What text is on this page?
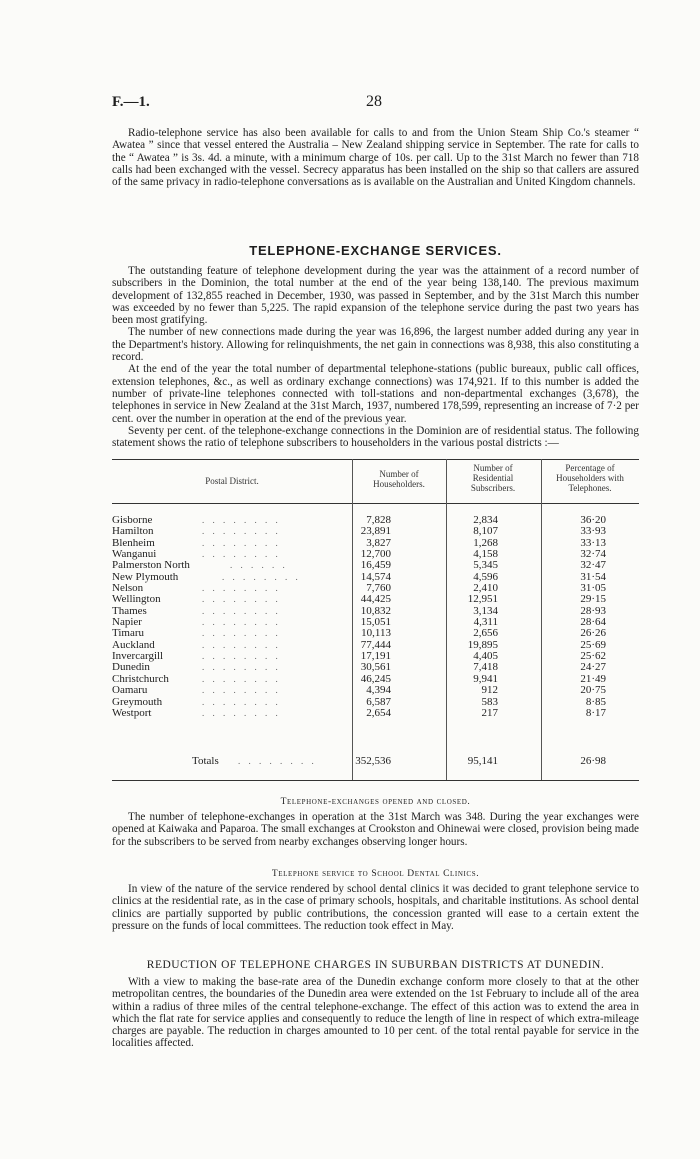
F.—1.	28

Radio-telephone service has also been available for calls to and from the Union Steam Ship Co.'s steamer “ Awatea ” since that vessel entered the Australia – New Zealand shipping service in September. The rate for calls to the “ Awatea ” is 3s. 4d. a minute, with a minimum charge of 10s. per call. Up to the 31st March no fewer than 718 calls had been exchanged with the vessel. Secrecy apparatus has been installed on the ship so that callers are assured of the same privacy in radio-telephone conversations as is available on the Australian and United Kingdom channels.

TELEPHONE-EXCHANGE SERVICES.

The outstanding feature of telephone development during the year was the attainment of a record number of subscribers in the Dominion, the total number at the end of the year being 138,140. The previous maximum development of 132,855 reached in December, 1930, was passed in September, and by the 31st March this number was exceeded by no fewer than 5,225. The rapid expansion of the telephone service during the past two years has been most gratifying.

The number of new connections made during the year was 16,896, the largest number added during any year in the Department's history. Allowing for relinquishments, the net gain in connections was 8,938, this also constituting a record.

At the end of the year the total number of departmental telephone-stations (public bureaux, public call offices, extension telephones, &c., as well as ordinary exchange connections) was 174,921. If to this number is added the number of private-line telephones connected with toll-stations and non-departmental exchanges (3,678), the telephones in service in New Zealand at the 31st March, 1937, numbered 178,599, representing an increase of 7·2 per cent. over the number in operation at the end of the previous year.

Seventy per cent. of the telephone-exchange connections in the Dominion are of residential status. The following statement shows the ratio of telephone subscribers to householders in the various postal districts :—

Postal District.
Number of Householders.
Number of Residential Subscribers.
Percentage of Householders with Telephones.
Gisborne	. . . . . . . .	7,828	2,834	36·20
Hamilton	. . . . . . . .	23,891	8,107	33·93
Blenheim	. . . . . . . .	3,827	1,268	33·13
Wanganui	. . . . . . . .	12,700	4,158	32·74
Palmerston North	. . . . . .	16,459	5,345	32·47
New Plymouth	. . . . . . . .	14,574	4,596	31·54
Nelson	. . . . . . . .	7,760	2,410	31·05
Wellington	. . . . . . . .	44,425	12,951	29·15
Thames	. . . . . . . .	10,832	3,134	28·93
Napier	. . . . . . . .	15,051	4,311	28·64
Timaru	. . . . . . . .	10,113	2,656	26·26
Auckland	. . . . . . . .	77,444	19,895	25·69
Invercargill	. . . . . . . .	17,191	4,405	25·62
Dunedin	. . . . . . . .	30,561	7,418	24·27
Christchurch	. . . . . . . .	46,245	9,941	21·49
Oamaru	. . . . . . . .	4,394	912	20·75
Greymouth	. . . . . . . .	6,587	583	8·85
Westport	. . . . . . . .	2,654	217	8·17
Totals . . . . . . . .	352,536	95,141	26·98
Telephone-exchanges opened and closed.

The number of telephone-exchanges in operation at the 31st March was 348. During the year exchanges were opened at Kaiwaka and Paparoa. The small exchanges at Crookston and Ohinewai were closed, provision being made for the subscribers to be served from nearby exchanges observing longer hours.

Telephone service to School Dental Clinics.

In view of the nature of the service rendered by school dental clinics it was decided to grant telephone service to clinics at the residential rate, as in the case of primary schools, hospitals, and charitable institutions. As school dental clinics are partially supported by public contributions, the concession granted will ease to a certain extent the pressure on the funds of local committees. The reduction took effect in May.

REDUCTION OF TELEPHONE CHARGES IN SUBURBAN DISTRICTS AT DUNEDIN.

With a view to making the base-rate area of the Dunedin exchange conform more closely to that at the other metropolitan centres, the boundaries of the Dunedin area were extended on the 1st February to include all of the area within a radius of three miles of the central telephone-exchange. The effect of this action was to extend the area in which the flat rate for service applies and consequently to reduce the length of line in respect of which extra-mileage charges are payable. The reduction in charges amounted to 10 per cent. of the total rental payable for service in the localities affected.
